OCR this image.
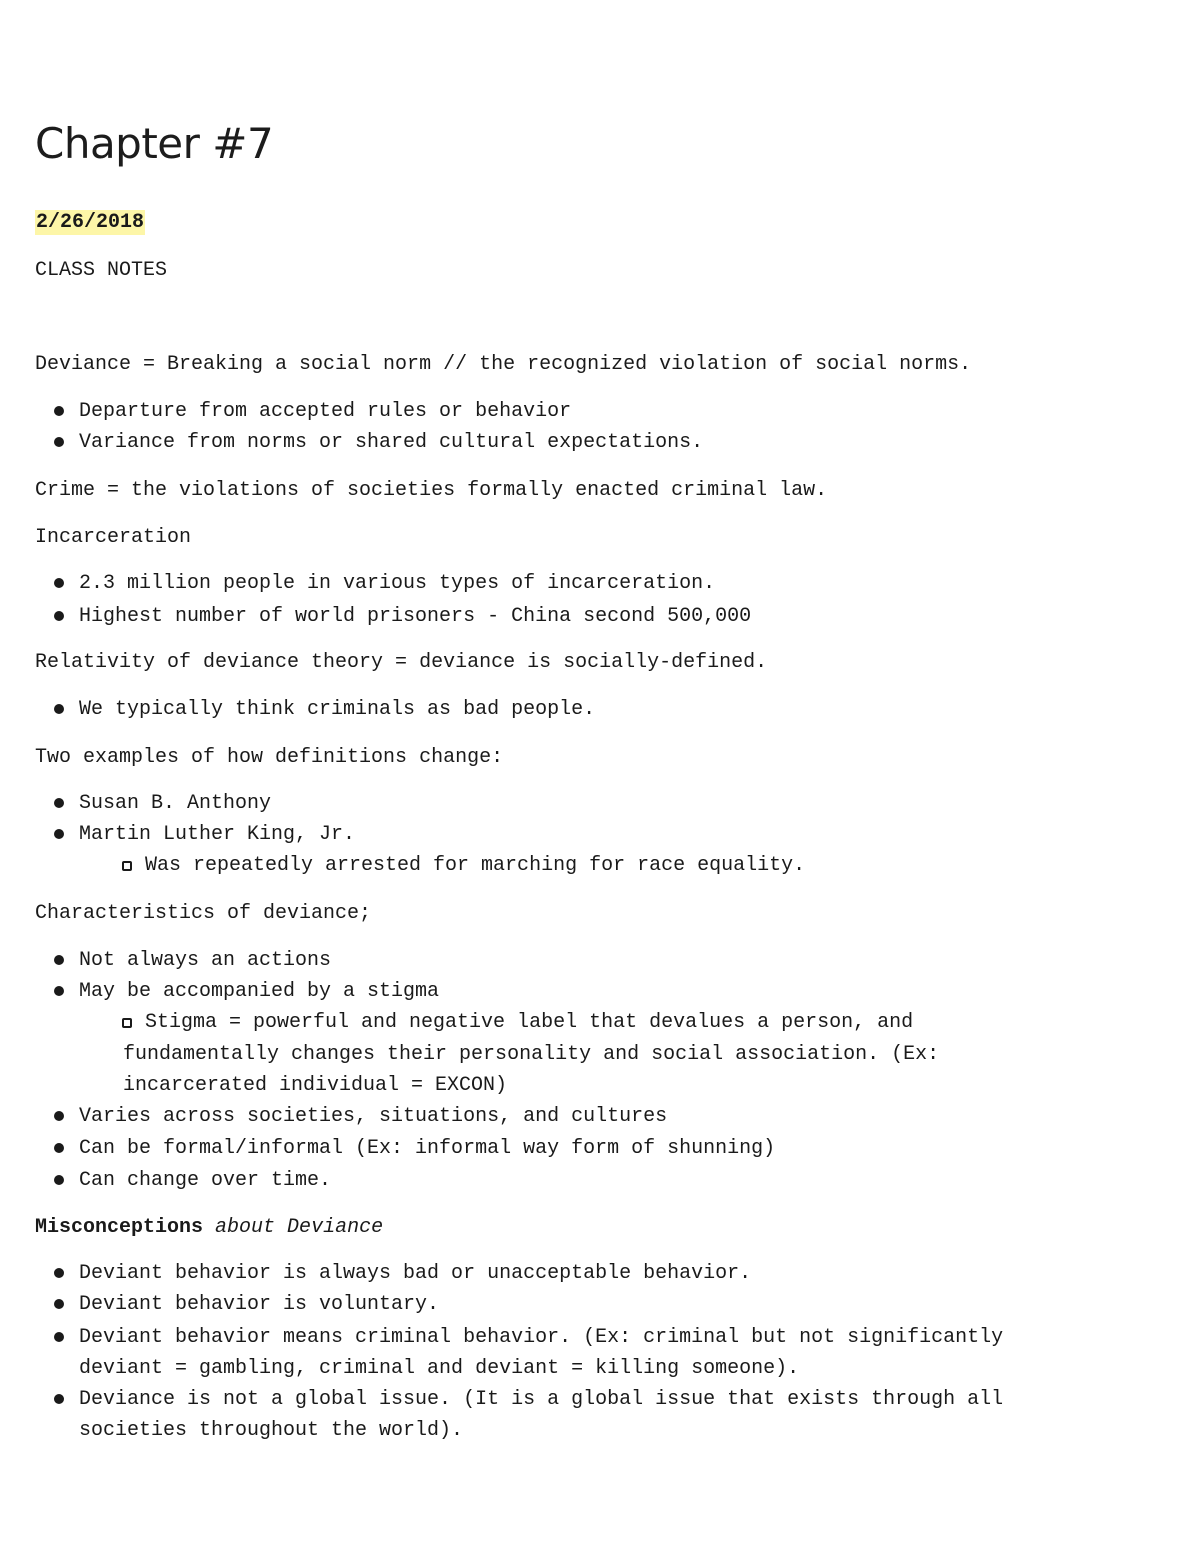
Chapter #7
2/26/2018
CLASS NOTES
Deviance = Breaking a social norm // the recognized violation of social norms.
Departure from accepted rules or behavior
Variance from norms or shared cultural expectations.
Crime = the violations of societies formally enacted criminal law.
Incarceration
2.3 million people in various types of incarceration.
Highest number of world prisoners - China second 500,000
Relativity of deviance theory = deviance is socially-defined.
We typically think criminals as bad people.
Two examples of how definitions change:
Susan B. Anthony
Martin Luther King, Jr.
Was repeatedly arrested for marching for race equality.
Characteristics of deviance;
Not always an actions
May be accompanied by a stigma
Stigma = powerful and negative label that devalues a person, and
fundamentally changes their personality and social association. (Ex:
incarcerated individual = EXCON)
Varies across societies, situations, and cultures
Can be formal/informal (Ex: informal way form of shunning)
Can change over time.
Misconceptions about Deviance
Deviant behavior is always bad or unacceptable behavior.
Deviant behavior is voluntary.
Deviant behavior means criminal behavior. (Ex: criminal but not significantly
deviant = gambling, criminal and deviant = killing someone).
Deviance is not a global issue. (It is a global issue that exists through all
societies throughout the world).
